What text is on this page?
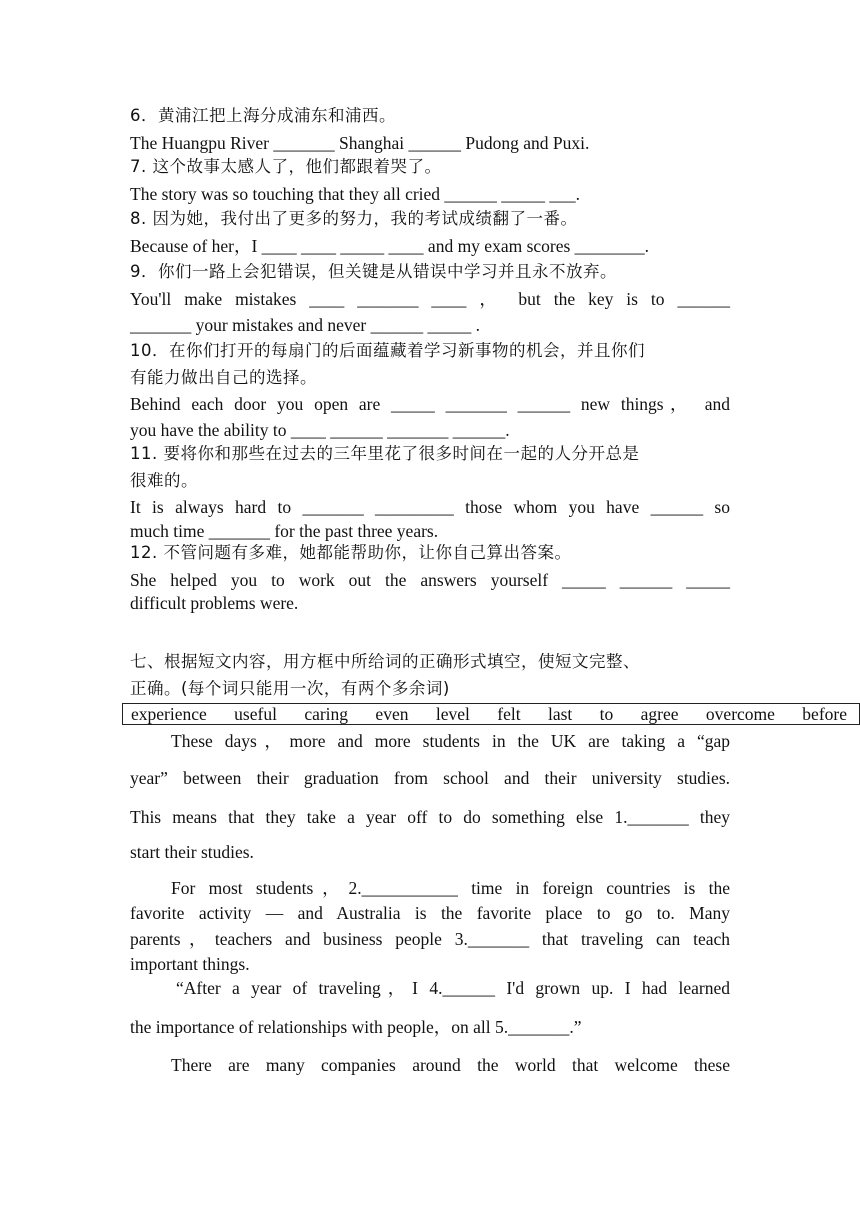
6．黄浦江把上海分成浦东和浦西。
The Huangpu River _______ Shanghai ______ Pudong and Puxi.
7. 这个故事太感人了，他们都跟着哭了。
The story was so touching that they all cried ______ _____ ___.
8. 因为她，我付出了更多的努力，我的考试成绩翻了一番。
Because of her，I ____ ____ _____ ____ and my exam scores ________.
9．你们一路上会犯错误，但关键是从错误中学习并且永不放弃。
You'll make mistakes ____ _______ ____ ， but the key is to ______
_______ your mistakes and never ______ _____ .
10．在你们打开的每扇门的后面蕴藏着学习新事物的机会，并且你们
有能力做出自己的选择。
Behind each door you open are _____ _______ ______ new things， and
you have the ability to ____ ______ _______ ______.
11. 要将你和那些在过去的三年里花了很多时间在一起的人分开总是
很难的。
It is always hard to _______ _________ those whom you have ______ so
much time _______ for the past three years.
12. 不管问题有多难，她都能帮助你，让你自己算出答案。
She helped you to work out the answers yourself _____ ______ _____
difficult problems were.
七、根据短文内容，用方框中所给词的正确形式填空，使短文完整、
正确。(每个词只能用一次，有两个多余词)
experience useful caring even level felt last to agree overcome before
These days，more and more students in the UK are taking a “gap
year” between their graduation from school and their university studies.
This means that they take a year off to do something else 1._______ they
start their studies.
For most students，2.___________ time in foreign countries is the
favorite activity — and Australia is the favorite place to go to. Many
parents，teachers and business people 3._______ that traveling can teach
important things.
“After a year of traveling，I 4.______ I'd grown up. I had learned
the importance of relationships with people，on all 5._______.”
There are many companies around the world that welcome these
